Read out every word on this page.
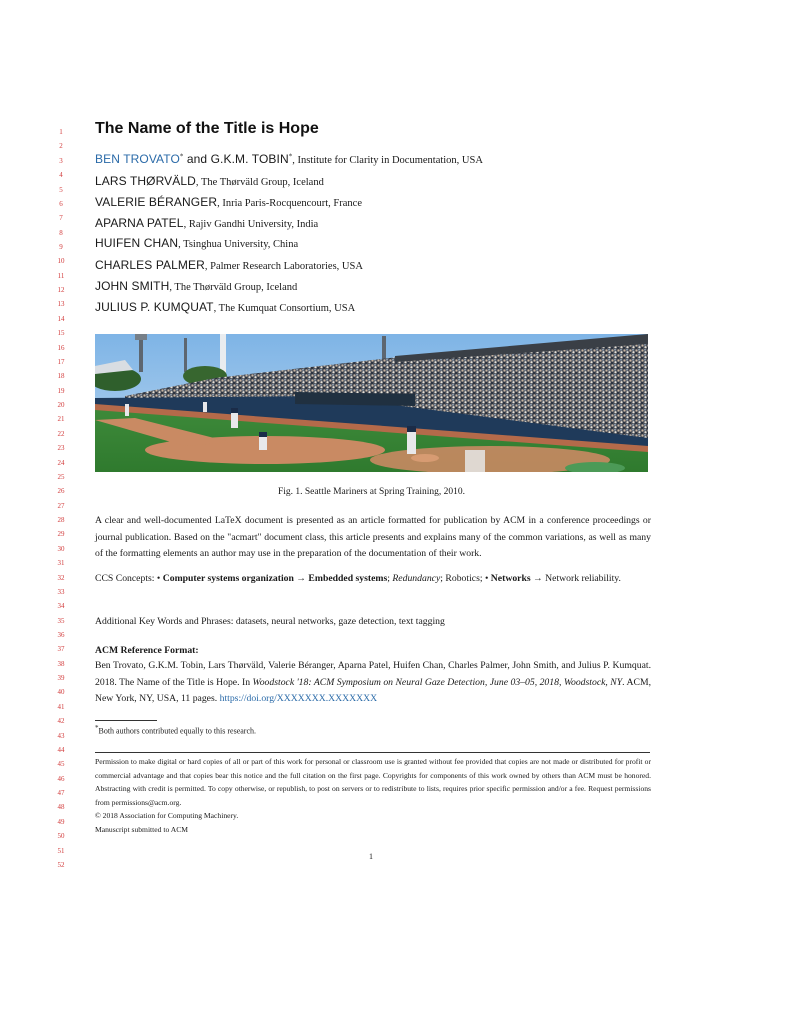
1
2
3
4
5
6
7
8
9
10
11
12
13
14
15
16
17
18
19
20
21
22
23
24
25
26
27
28
29
30
31
32
33
34
35
36
37
38
39
40
41
42
43
44
45
46
47
48
49
50
51
52
The Name of the Title is Hope
BEN TROVATO* and G.K.M. TOBIN*, Institute for Clarity in Documentation, USA
LARS THØRVÄLD, The Thørväld Group, Iceland
VALERIE BÉRANGER, Inria Paris-Rocquencourt, France
APARNA PATEL, Rajiv Gandhi University, India
HUIFEN CHAN, Tsinghua University, China
CHARLES PALMER, Palmer Research Laboratories, USA
JOHN SMITH, The Thørväld Group, Iceland
JULIUS P. KUMQUAT, The Kumquat Consortium, USA
Fig. 1. Seattle Mariners at Spring Training, 2010.
A clear and well-documented LaTeX document is presented as an article formatted for publication by ACM in a conference proceedings or journal publication. Based on the "acmart" document class, this article presents and explains many of the common variations, as well as many of the formatting elements an author may use in the preparation of the documentation of their work.
CCS Concepts: • Computer systems organization → Embedded systems; Redundancy; Robotics; • Networks → Network reliability.
Additional Key Words and Phrases: datasets, neural networks, gaze detection, text tagging
ACM Reference Format:
Ben Trovato, G.K.M. Tobin, Lars Thørväld, Valerie Béranger, Aparna Patel, Huifen Chan, Charles Palmer, John Smith, and Julius P. Kumquat. 2018. The Name of the Title is Hope. In Woodstock '18: ACM Symposium on Neural Gaze Detection, June 03–05, 2018, Woodstock, NY. ACM, New York, NY, USA, 11 pages. https://doi.org/XXXXXXX.XXXXXXX
*Both authors contributed equally to this research.
Permission to make digital or hard copies of all or part of this work for personal or classroom use is granted without fee provided that copies are not made or distributed for profit or commercial advantage and that copies bear this notice and the full citation on the first page. Copyrights for components of this work owned by others than ACM must be honored. Abstracting with credit is permitted. To copy otherwise, or republish, to post on servers or to redistribute to lists, requires prior specific permission and/or a fee. Request permissions from permissions@acm.org.
© 2018 Association for Computing Machinery.
Manuscript submitted to ACM
1
